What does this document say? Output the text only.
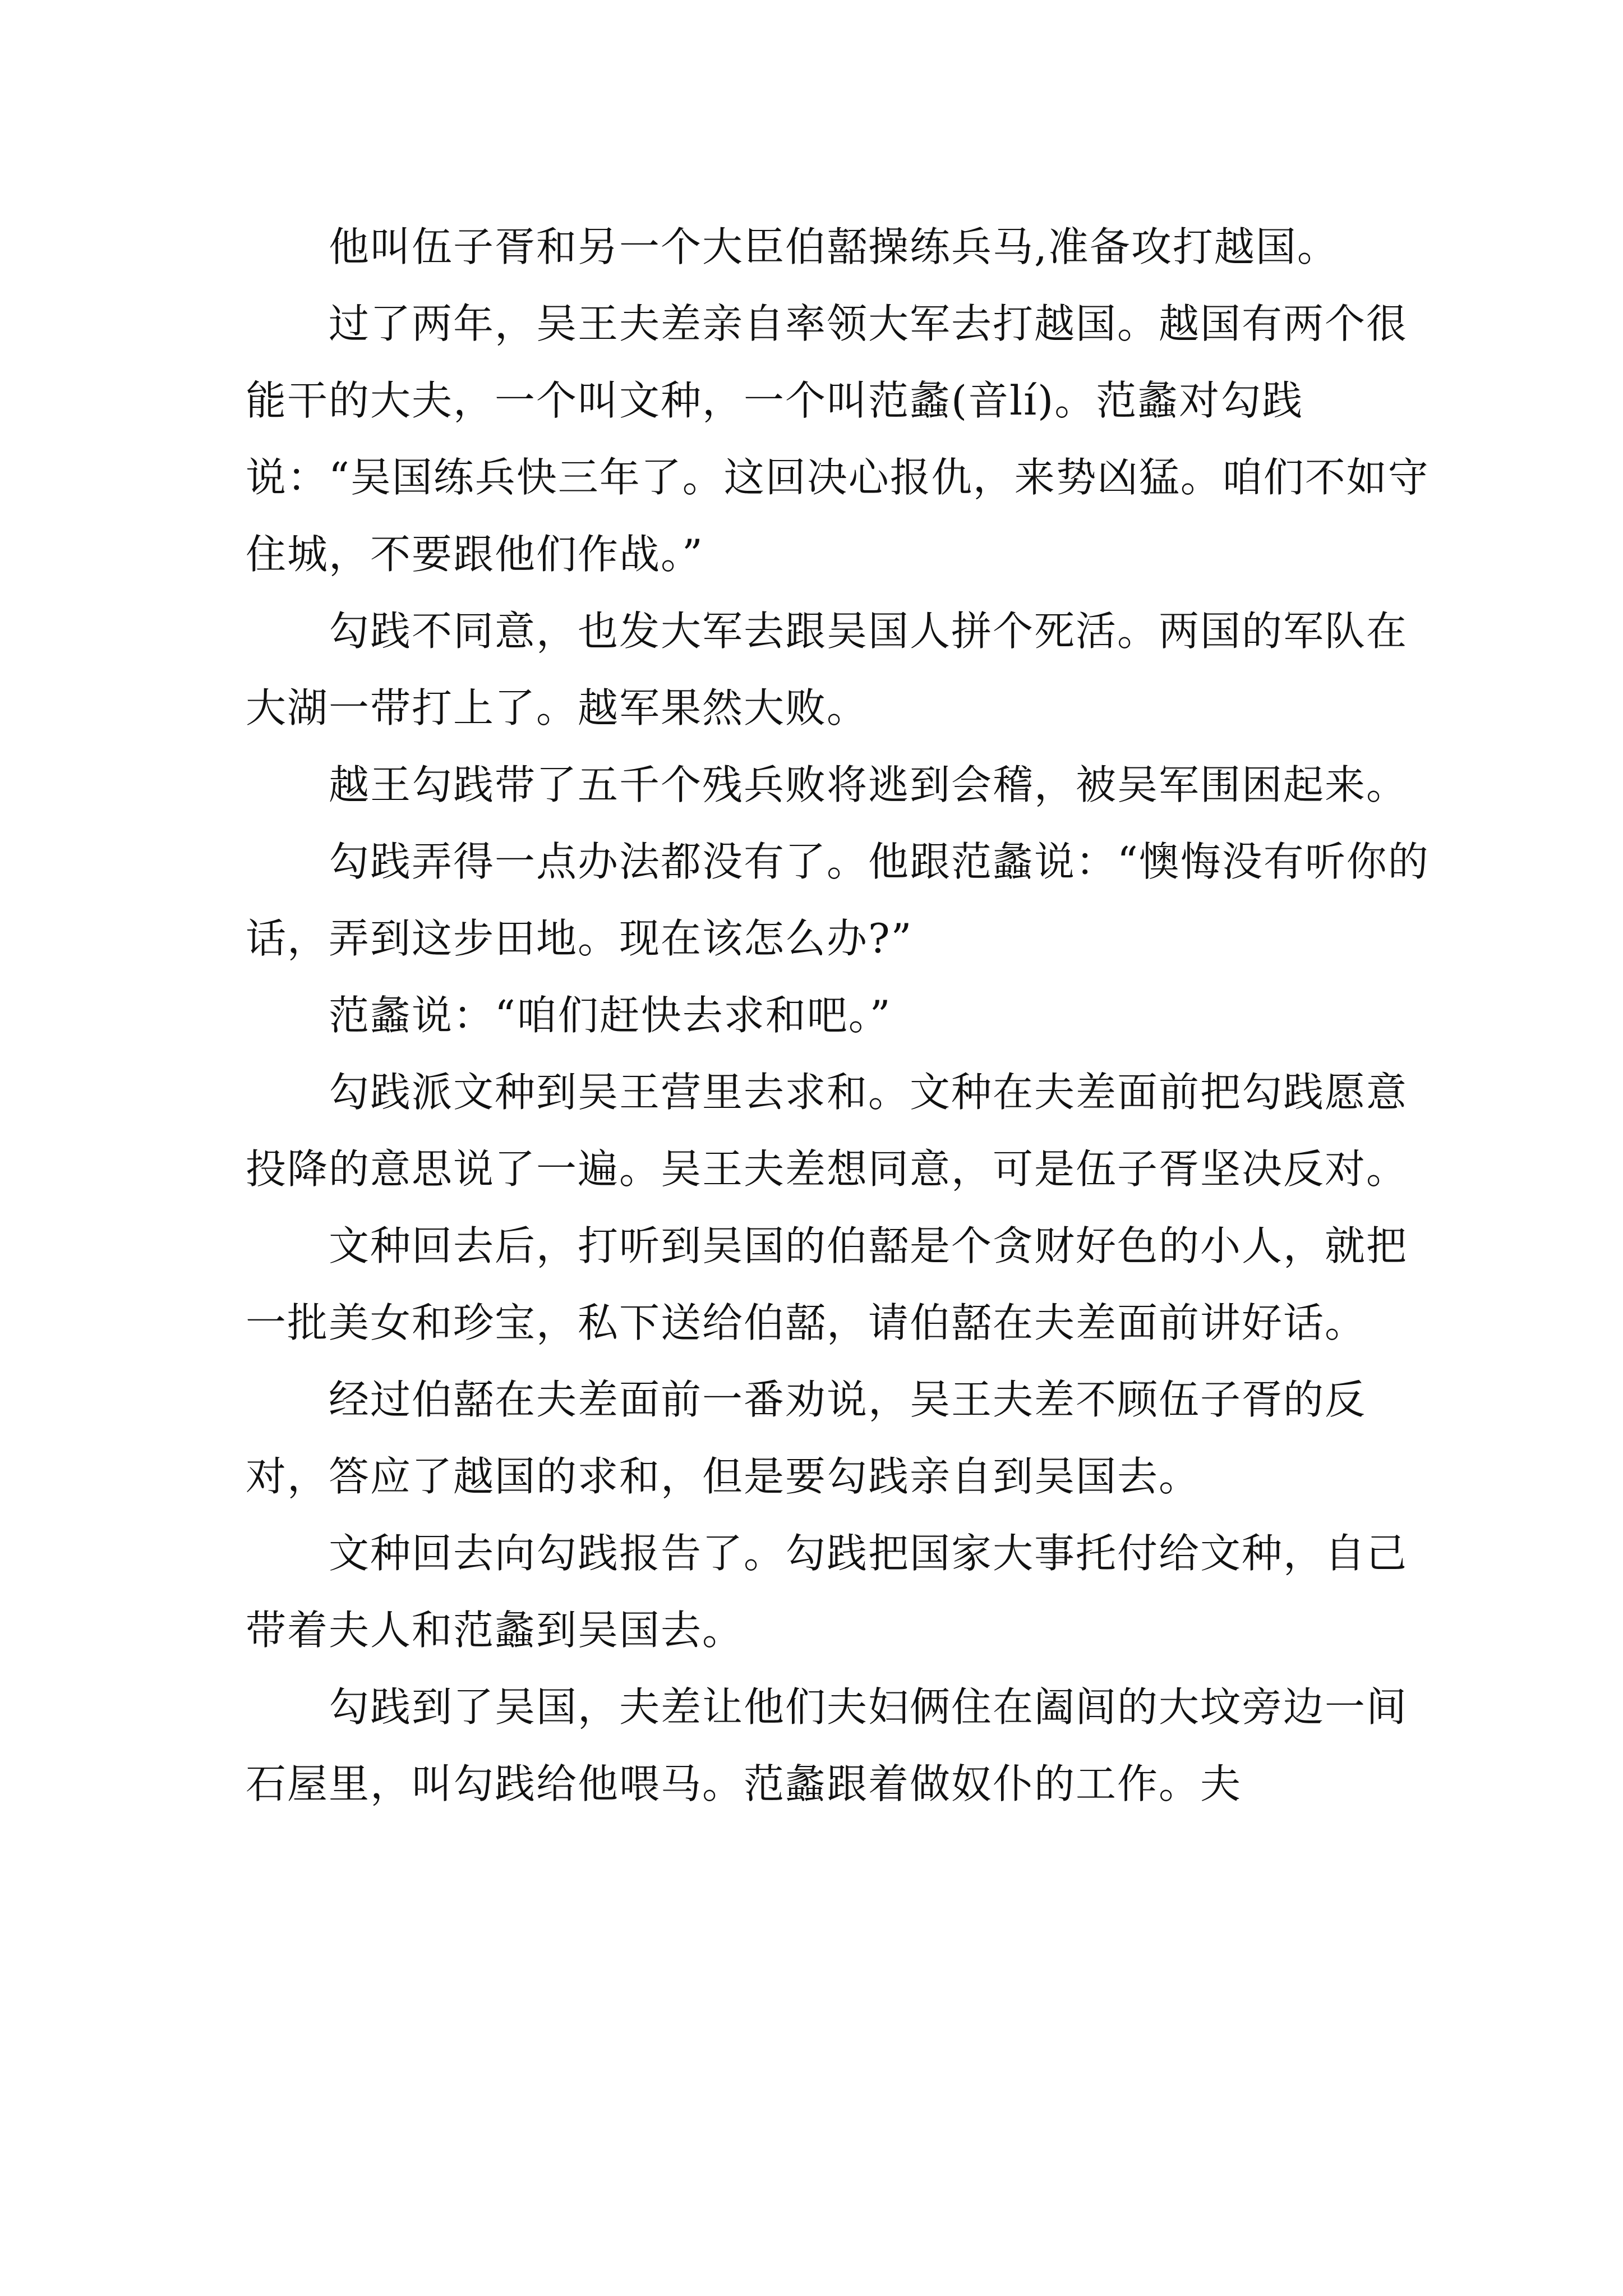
他叫伍子胥和另一个大臣伯嚭操练兵马,准备攻打越国。

过了两年，吴王夫差亲自率领大军去打越国。越国有两个很能干的大夫，一个叫文种，一个叫范蠡(音lí)。范蠡对勾践说：“吴国练兵快三年了。这回决心报仇，来势凶猛。咱们不如守住城，不要跟他们作战。”

勾践不同意，也发大军去跟吴国人拼个死活。两国的军队在大湖一带打上了。越军果然大败。

越王勾践带了五千个残兵败将逃到会稽，被吴军围困起来。

勾践弄得一点办法都没有了。他跟范蠡说：“懊悔没有听你的话，弄到这步田地。现在该怎么办?”

范蠡说：“咱们赶快去求和吧。”

勾践派文种到吴王营里去求和。文种在夫差面前把勾践愿意投降的意思说了一遍。吴王夫差想同意，可是伍子胥坚决反对。

文种回去后，打听到吴国的伯嚭是个贪财好色的小人，就把一批美女和珍宝，私下送给伯嚭，请伯嚭在夫差面前讲好话。

经过伯嚭在夫差面前一番劝说，吴王夫差不顾伍子胥的反对，答应了越国的求和，但是要勾践亲自到吴国去。

文种回去向勾践报告了。勾践把国家大事托付给文种，自己带着夫人和范蠡到吴国去。

勾践到了吴国，夫差让他们夫妇俩住在阖闾的大坟旁边一间石屋里，叫勾践给他喂马。范蠡跟着做奴仆的工作。夫
